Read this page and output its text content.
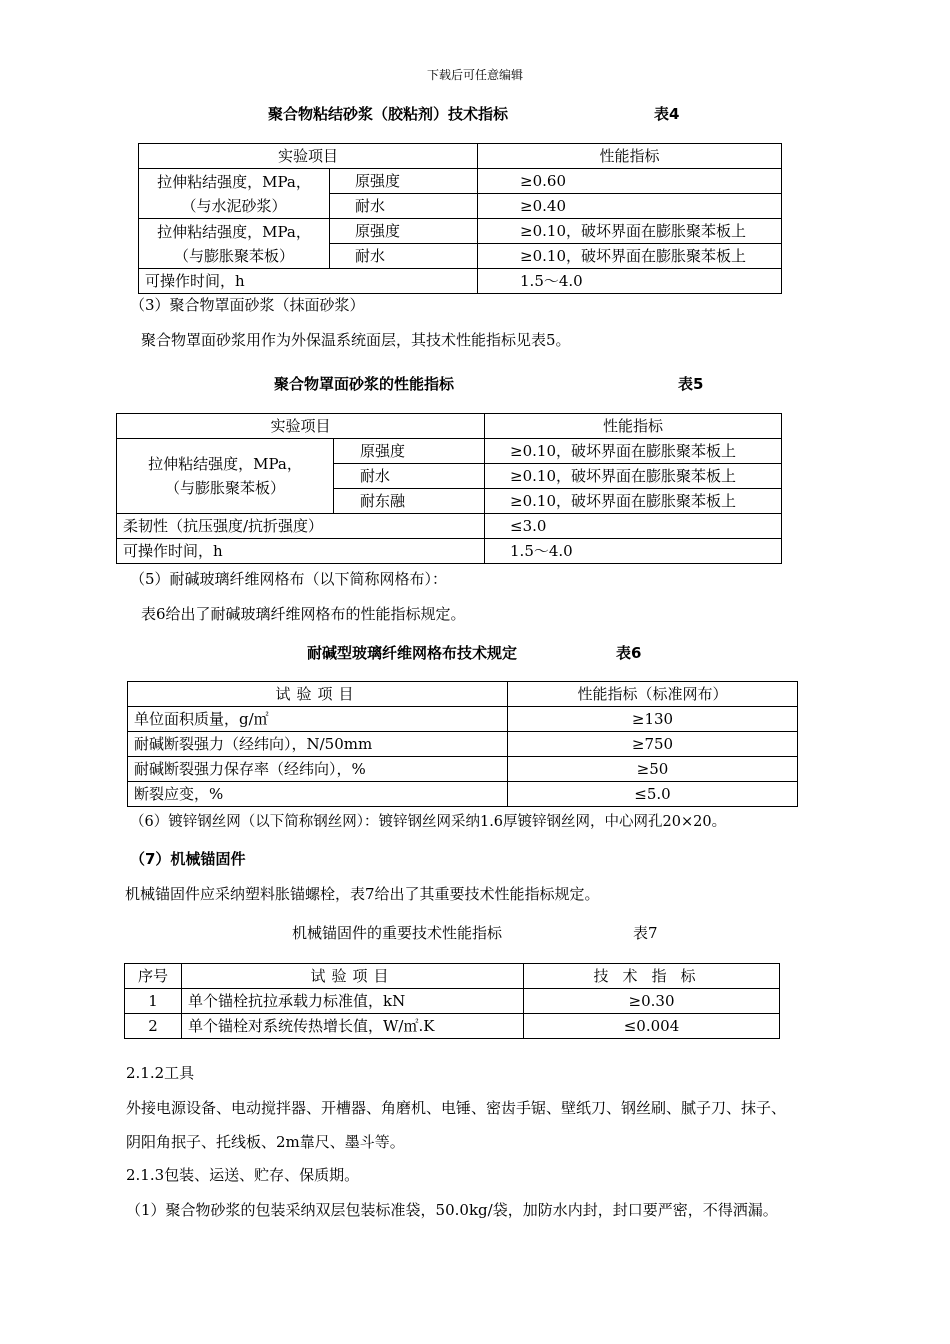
下载后可任意编辑
聚合物粘结砂浆（胶粘剂）技术指标	表4
实验项目		性能指标

拉伸粘结强度，MPa，
（与水泥砂浆）	原强度	≥0.60
	耐水	≥0.40

拉伸粘结强度，MPa，
（与膨胀聚苯板）	原强度	≥0.10，破坏界面在膨胀聚苯板上
	耐水	≥0.10，破坏界面在膨胀聚苯板上
可操作时间，h		1.5～4.0
（3）聚合物罩面砂浆（抹面砂浆）
聚合物罩面砂浆用作为外保温系统面层，其技术性能指标见表5。
聚合物罩面砂浆的性能指标	表5
实验项目		性能指标

拉伸粘结强度，MPa，
（与膨胀聚苯板）	原强度	≥0.10，破坏界面在膨胀聚苯板上
	耐水	≥0.10，破坏界面在膨胀聚苯板上
	耐东融	≥0.10，破坏界面在膨胀聚苯板上
柔韧性（抗压强度/抗折强度）		≤3.0
可操作时间，h		1.5～4.0
（5）耐碱玻璃纤维网格布（以下简称网格布）：
表6给出了耐碱玻璃纤维网格布的性能指标规定。
耐碱型玻璃纤维网格布技术规定	表6
试验项目	性能指标（标准网布）
单位面积质量，g/㎡	≥130
耐碱断裂强力（经纬向），N/50mm	≥750
耐碱断裂强力保存率（经纬向），%	≥50
断裂应变，%	≤5.0
（6）镀锌钢丝网（以下简称钢丝网）：镀锌钢丝网采纳1.6厚镀锌钢丝网，中心网孔20×20。
（7）机械锚固件
机械锚固件应采纳塑料胀锚螺栓，表7给出了其重要技术性能指标规定。
机械锚固件的重要技术性能指标	表7
序号	试验项目	技术指标
1	单个锚栓抗拉承载力标准值，kN	≥0.30
2	单个锚栓对系统传热增长值，W/㎡.K	≤0.004
2.1.2工具
外接电源设备、电动搅拌器、开槽器、角磨机、电锤、密齿手锯、壁纸刀、钢丝刷、腻子刀、抹子、
阴阳角抿子、托线板、2m靠尺、墨斗等。
2.1.3包装、运送、贮存、保质期。
（1）聚合物砂浆的包装采纳双层包装标准袋，50.0kg/袋，加防水内封，封口要严密，不得洒漏。
